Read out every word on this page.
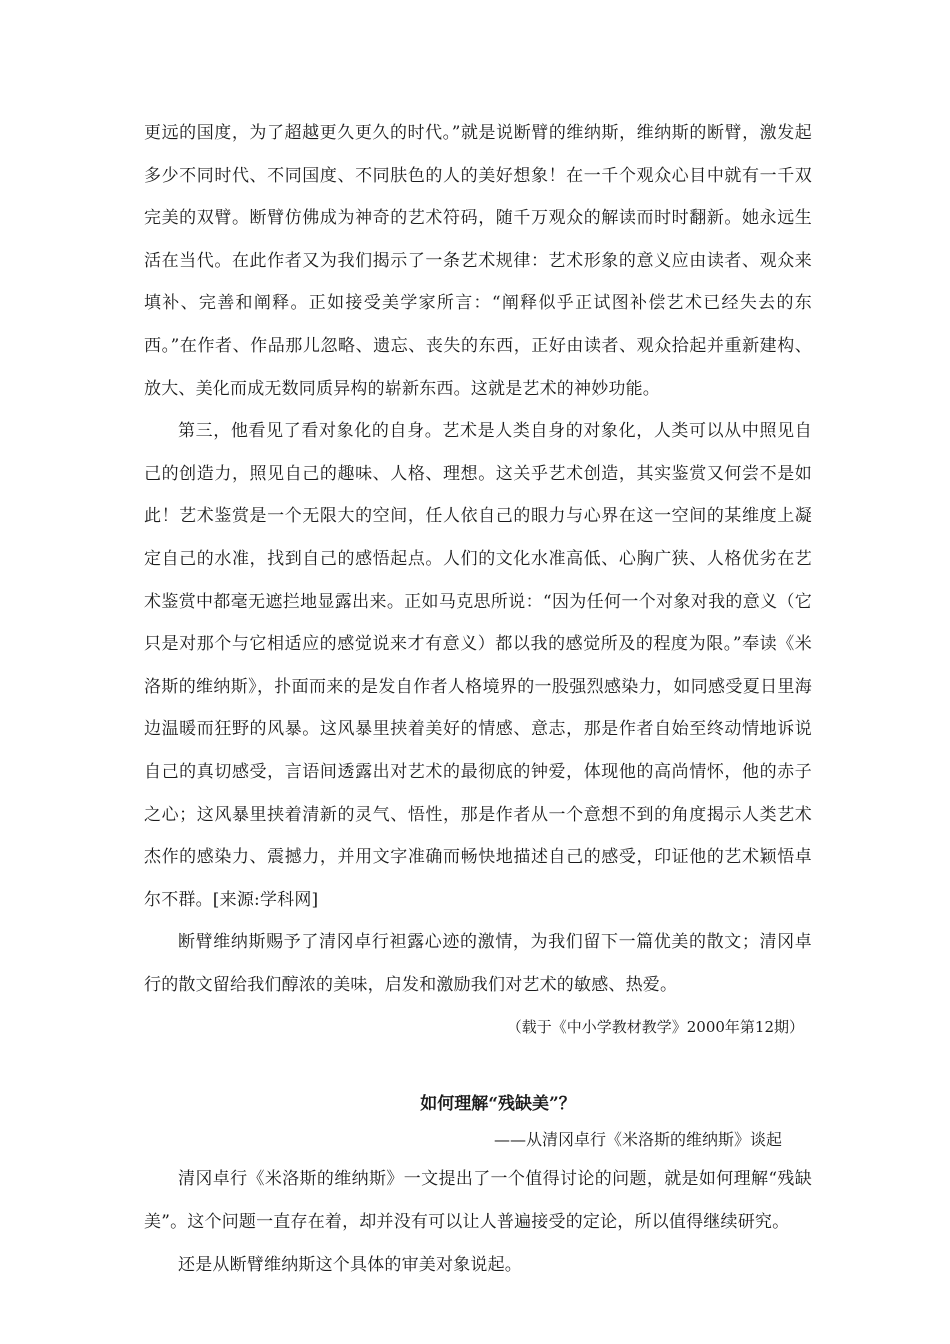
更远的国度，为了超越更久更久的时代。”就是说断臂的维纳斯，维纳斯的断臂，激发起多少不同时代、不同国度、不同肤色的人的美好想象！在一千个观众心目中就有一千双完美的双臂。断臂仿佛成为神奇的艺术符码，随千万观众的解读而时时翻新。她永远生活在当代。在此作者又为我们揭示了一条艺术规律：艺术形象的意义应由读者、观众来填补、完善和阐释。正如接受美学家所言：“阐释似乎正试图补偿艺术已经失去的东西。”在作者、作品那儿忽略、遗忘、丧失的东西，正好由读者、观众拾起并重新建构、放大、美化而成无数同质异构的崭新东西。这就是艺术的神妙功能。

第三，他看见了看对象化的自身。艺术是人类自身的对象化，人类可以从中照见自己的创造力，照见自己的趣味、人格、理想。这关乎艺术创造，其实鉴赏又何尝不是如此！艺术鉴赏是一个无限大的空间，任人依自己的眼力与心界在这一空间的某维度上凝定自己的水准，找到自己的感悟起点。人们的文化水准高低、心胸广狭、人格优劣在艺术鉴赏中都毫无遮拦地显露出来。正如马克思所说：“因为任何一个对象对我的意义（它只是对那个与它相适应的感觉说来才有意义）都以我的感觉所及的程度为限。”奉读《米洛斯的维纳斯》，扑面而来的是发自作者人格境界的一股强烈感染力，如同感受夏日里海边温暖而狂野的风暴。这风暴里挟着美好的情感、意志，那是作者自始至终动情地诉说自己的真切感受，言语间透露出对艺术的最彻底的钟爱，体现他的高尚情怀，他的赤子之心；这风暴里挟着清新的灵气、悟性，那是作者从一个意想不到的角度揭示人类艺术杰作的感染力、震撼力，并用文字准确而畅快地描述自己的感受，印证他的艺术颖悟卓尔不群。[来源:学科网]

断臂维纳斯赐予了清冈卓行袒露心迹的激情，为我们留下一篇优美的散文；清冈卓行的散文留给我们醇浓的美味，启发和激励我们对艺术的敏感、热爱。

（载于《中小学教材教学》2000年第12期）

如何理解“残缺美”？

——从清冈卓行《米洛斯的维纳斯》谈起

清冈卓行《米洛斯的维纳斯》一文提出了一个值得讨论的问题，就是如何理解“残缺美”。这个问题一直存在着，却并没有可以让人普遍接受的定论，所以值得继续研究。

还是从断臂维纳斯这个具体的审美对象说起。
